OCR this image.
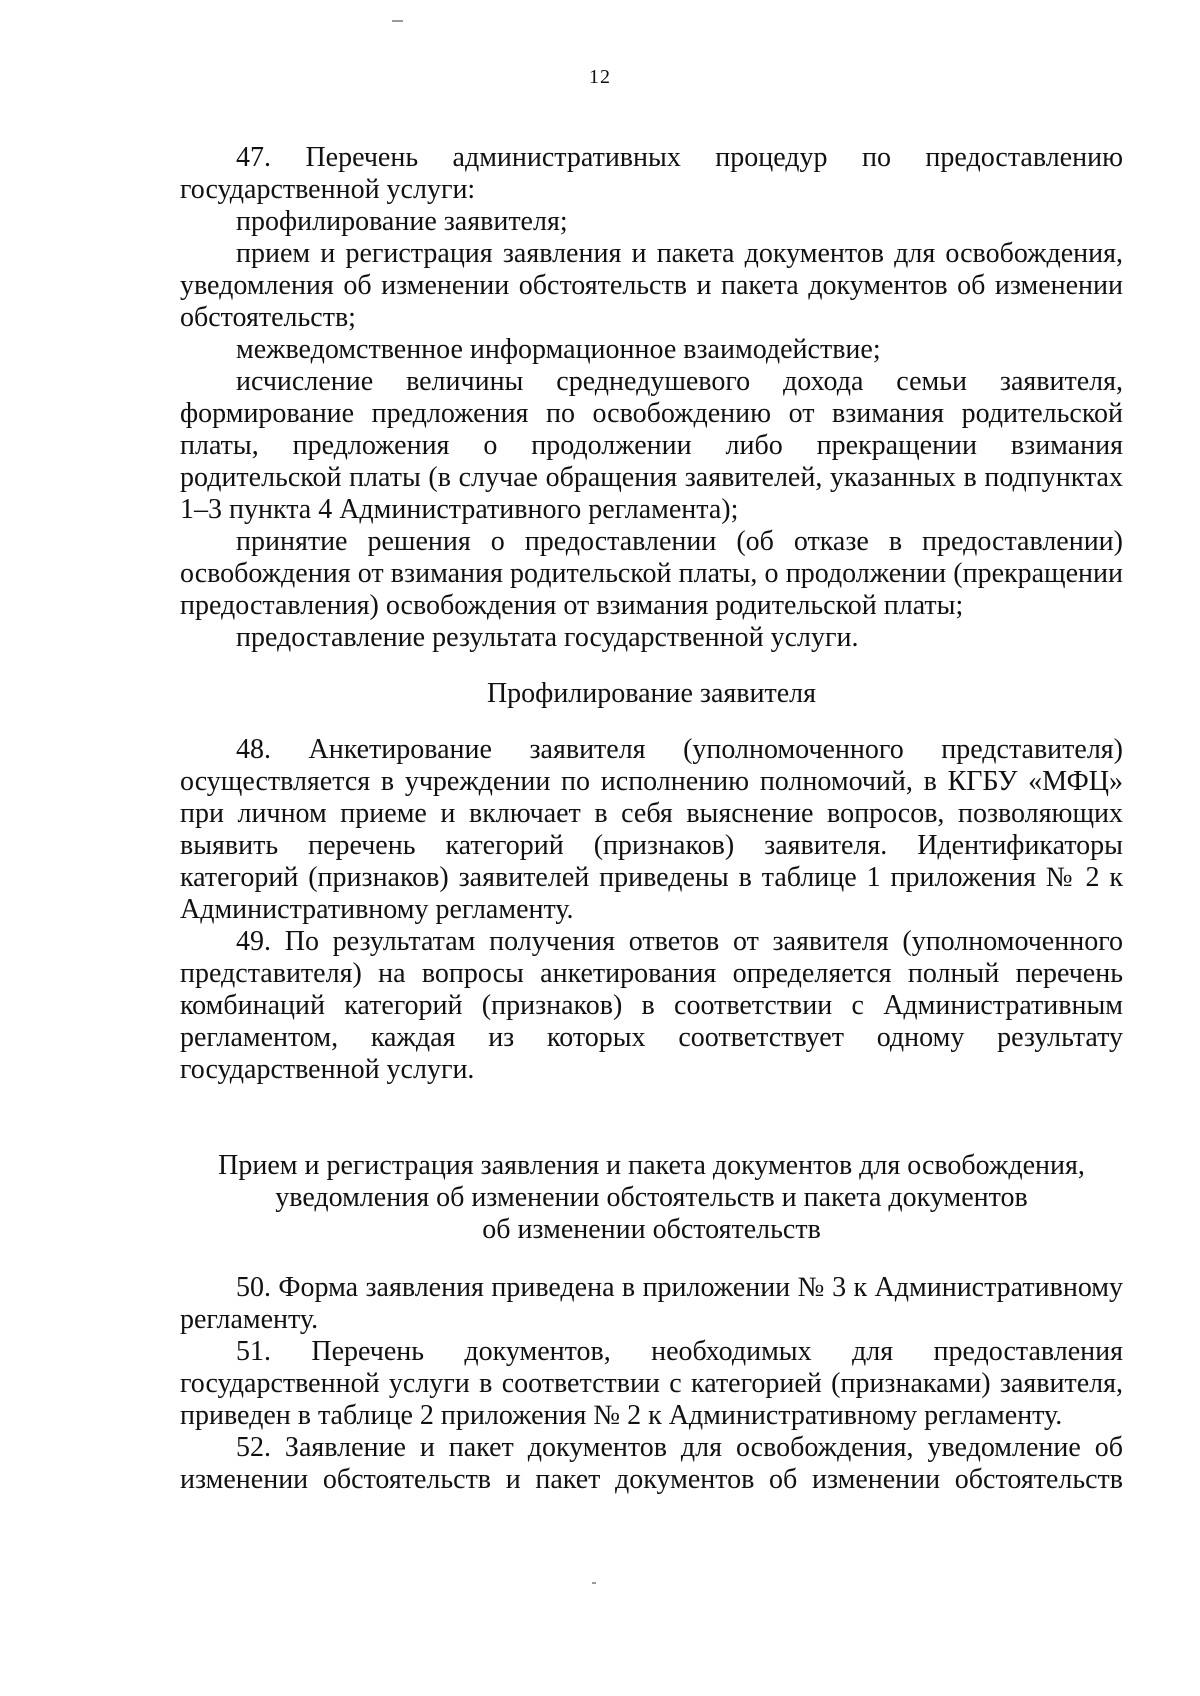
12

47. Перечень административных процедур по предоставлению государственной услуги:

профилирование заявителя;

прием и регистрация заявления и пакета документов для освобождения, уведомления об изменении обстоятельств и пакета документов об изменении обстоятельств;

межведомственное информационное взаимодействие;

исчисление величины среднедушевого дохода семьи заявителя, формирование предложения по освобождению от взимания родительской платы, предложения о продолжении либо прекращении взимания родительской платы (в случае обращения заявителей, указанных в подпунктах 1–3 пункта 4 Административного регламента);

принятие решения о предоставлении (об отказе в предоставлении) освобождения от взимания родительской платы, о продолжении (прекращении предоставления) освобождения от взимания родительской платы;

предоставление результата государственной услуги.

Профилирование заявителя

48. Анкетирование заявителя (уполномоченного представителя) осуществляется в учреждении по исполнению полномочий, в КГБУ «МФЦ» при личном приеме и включает в себя выяснение вопросов, позволяющих выявить перечень категорий (признаков) заявителя. Идентификаторы категорий (признаков) заявителей приведены в таблице 1 приложения № 2 к Административному регламенту.

49. По результатам получения ответов от заявителя (уполномоченного представителя) на вопросы анкетирования определяется полный перечень комбинаций категорий (признаков) в соответствии с Административным регламентом, каждая из которых соответствует одному результату государственной услуги.

Прием и регистрация заявления и пакета документов для освобождения,
уведомления об изменении обстоятельств и пакета документов
об изменении обстоятельств

50. Форма заявления приведена в приложении № 3 к Административному регламенту.

51. Перечень документов, необходимых для предоставления государственной услуги в соответствии с категорией (признаками) заявителя, приведен в таблице 2 приложения № 2 к Административному регламенту.

52. Заявление и пакет документов для освобождения, уведомление об изменении обстоятельств и пакет документов об изменении обстоятельств
